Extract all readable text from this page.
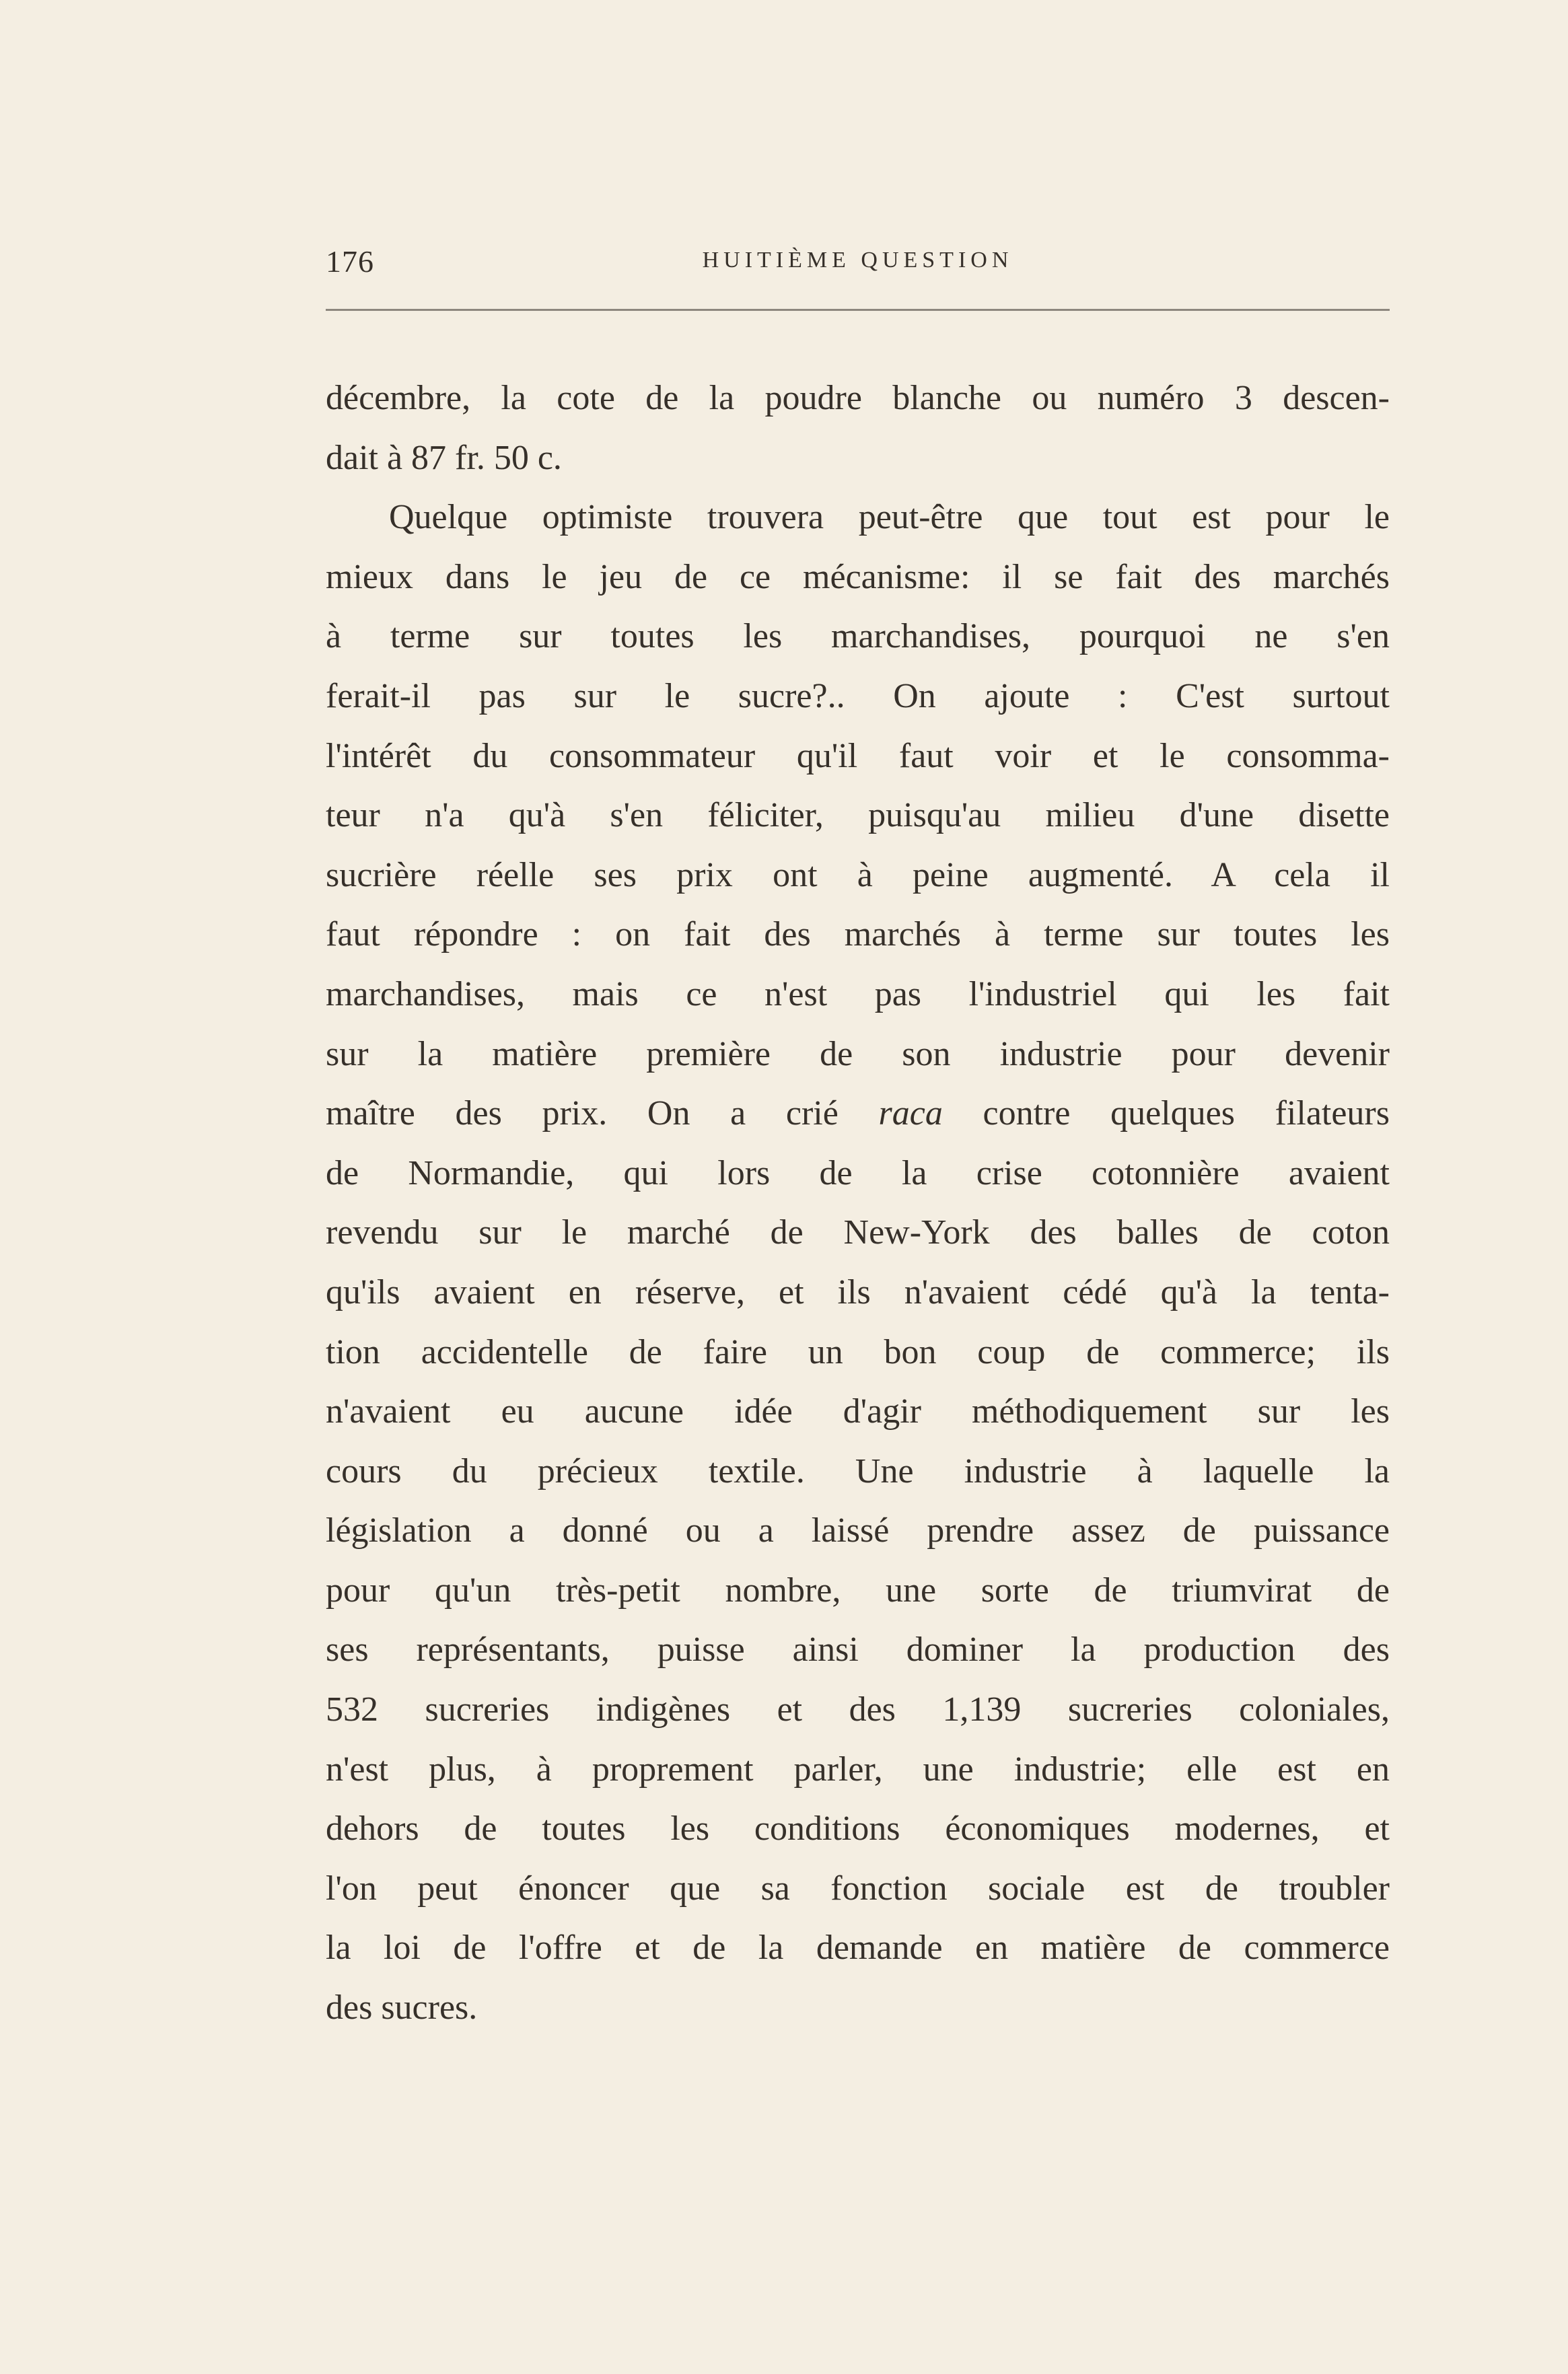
176	HUITIÈME QUESTION
décembre, la cote de la poudre blanche ou numéro 3 descen-
dait à 87 fr. 50 c.
Quelque optimiste trouvera peut-être que tout est pour le
mieux dans le jeu de ce mécanisme: il se fait des marchés
à terme sur toutes les marchandises, pourquoi ne s'en
ferait-il pas sur le sucre?.. On ajoute : C'est surtout
l'intérêt du consommateur qu'il faut voir et le consomma-
teur n'a qu'à s'en féliciter, puisqu'au milieu d'une disette
sucrière réelle ses prix ont à peine augmenté. A cela il
faut répondre : on fait des marchés à terme sur toutes les
marchandises, mais ce n'est pas l'industriel qui les fait
sur la matière première de son industrie pour devenir
maître des prix. On a crié raca contre quelques filateurs
de Normandie, qui lors de la crise cotonnière avaient
revendu sur le marché de New-York des balles de coton
qu'ils avaient en réserve, et ils n'avaient cédé qu'à la tenta-
tion accidentelle de faire un bon coup de commerce; ils
n'avaient eu aucune idée d'agir méthodiquement sur les
cours du précieux textile. Une industrie à laquelle la
législation a donné ou a laissé prendre assez de puissance
pour qu'un très-petit nombre, une sorte de triumvirat de
ses représentants, puisse ainsi dominer la production des
532 sucreries indigènes et des 1,139 sucreries coloniales,
n'est plus, à proprement parler, une industrie; elle est en
dehors de toutes les conditions économiques modernes, et
l'on peut énoncer que sa fonction sociale est de troubler
la loi de l'offre et de la demande en matière de commerce
des sucres.
